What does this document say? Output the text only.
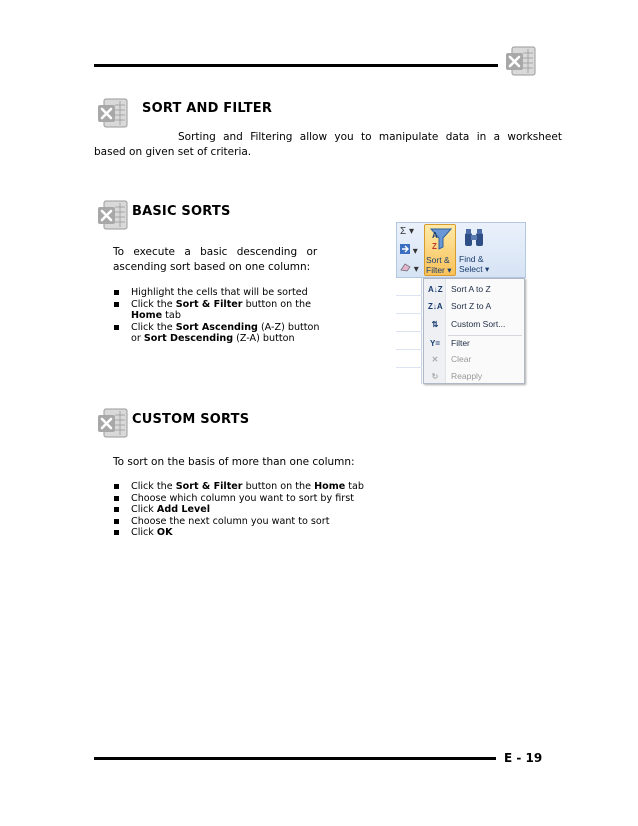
SORT AND FILTER
Sorting and Filtering allow you to manipulate data in a worksheet
based on given set of criteria.
BASIC SORTS
To execute a basic descending or
ascending sort based on one column:
Highlight the cells that will be sorted
Click the Sort & Filter button on the
Home tab
Click the Sort Ascending (A-Z) button
or Sort Descending (Z-A) button
Σ ▾
▾
▾
A
Z
Sort &
Filter ▾
Find &
Select ▾
A↓Z Sort A to Z
Z↓A Sort Z to A
⇅	Custom Sort...
Y= Filter
✕	Clear
↻	Reapply
CUSTOM SORTS
To sort on the basis of more than one column:
Click the Sort & Filter button on the Home tab
Choose which column you want to sort by first
Click Add Level
Choose the next column you want to sort
Click OK
E - 19
